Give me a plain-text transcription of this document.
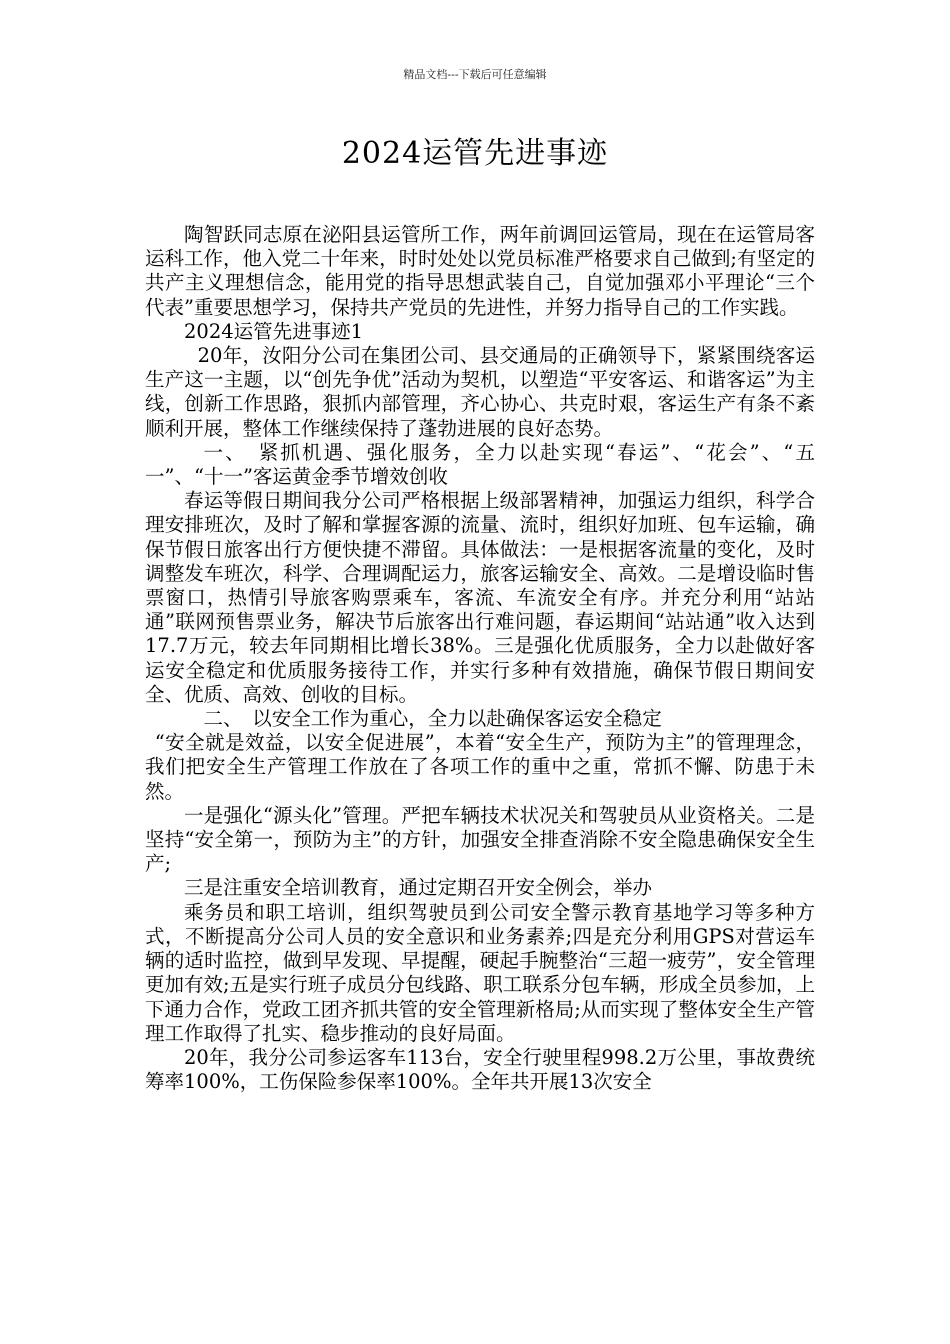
精品文档---下载后可任意编辑
2024运管先进事迹

陶智跃同志原在泌阳县运管所工作，两年前调回运管局，现在在运管局客运科工作，他入党二十年来，时时处处以党员标准严格要求自己做到;有坚定的共产主义理想信念，能用党的指导思想武装自己，自觉加强邓小平理论“三个代表”重要思想学习，保持共产党员的先进性，并努力指导自己的工作实践。

2024运管先进事迹1

20年，汝阳分公司在集团公司、县交通局的正确领导下，紧紧围绕客运生产这一主题，以“创先争优”活动为契机，以塑造“平安客运、和谐客运”为主线，创新工作思路，狠抓内部管理，齐心协心、共克时艰，客运生产有条不紊顺利开展，整体工作继续保持了蓬勃进展的良好态势。

一、　紧抓机遇、强化服务，全力以赴实现“春运”、“花会”、“五一”、“十一”客运黄金季节增效创收

春运等假日期间我分公司严格根据上级部署精神，加强运力组织，科学合理安排班次，及时了解和掌握客源的流量、流时，组织好加班、包车运输，确保节假日旅客出行方便快捷不滞留。具体做法：一是根据客流量的变化，及时调整发车班次，科学、合理调配运力，旅客运输安全、高效。二是增设临时售票窗口，热情引导旅客购票乘车，客流、车流安全有序。并充分利用“站站通”联网预售票业务，解决节后旅客出行难问题，春运期间“站站通”收入达到17.7万元，较去年同期相比增长38%。三是强化优质服务，全力以赴做好客运安全稳定和优质服务接待工作，并实行多种有效措施，确保节假日期间安全、优质、高效、创收的目标。

二、　以安全工作为重心，全力以赴确保客运安全稳定

“安全就是效益，以安全促进展”，本着“安全生产，预防为主”的管理理念，我们把安全生产管理工作放在了各项工作的重中之重，常抓不懈、防患于未然。

一是强化“源头化”管理。严把车辆技术状况关和驾驶员从业资格关。二是坚持“安全第一，预防为主”的方针，加强安全排查消除不安全隐患确保安全生产;

三是注重安全培训教育，通过定期召开安全例会，举办

乘务员和职工培训，组织驾驶员到公司安全警示教育基地学习等多种方式，不断提高分公司人员的安全意识和业务素养;四是充分利用GPS对营运车辆的适时监控，做到早发现、早提醒，硬起手腕整治“三超一疲劳”，安全管理更加有效;五是实行班子成员分包线路、职工联系分包车辆，形成全员参加，上下通力合作，党政工团齐抓共管的安全管理新格局;从而实现了整体安全生产管理工作取得了扎实、稳步推动的良好局面。

20年，我分公司参运客车113台，安全行驶里程998.2万公里，事故费统筹率100%，工伤保险参保率100%。全年共开展13次安全
